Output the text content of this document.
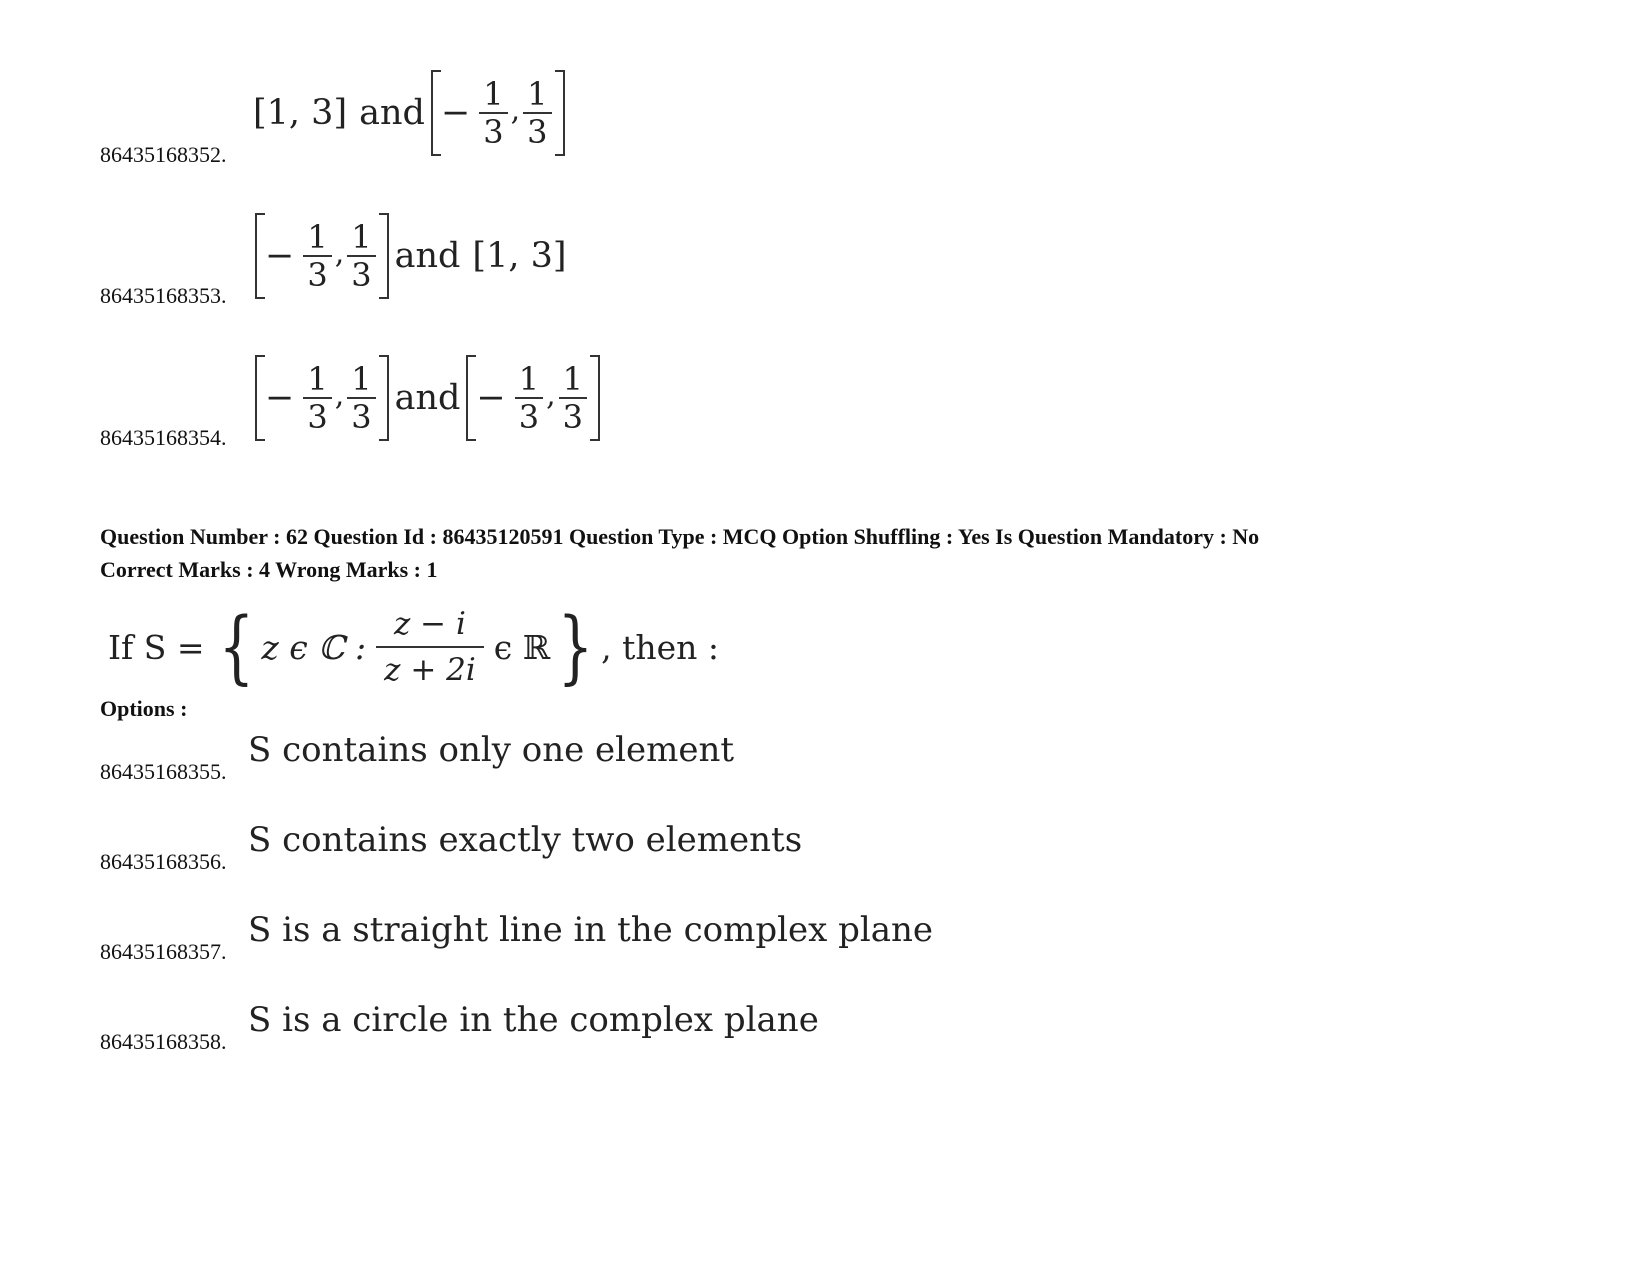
86435168352.
[1, 3] and − $\frac{1}{3}$ , $\frac{1}{3}$
86435168353.
− $\frac{1}{3}$ , $\frac{1}{3}$ and [1, 3]
86435168354.
− $\frac{1}{3}$ , $\frac{1}{3}$ and − $\frac{1}{3}$ , $\frac{1}{3}$
Question Number : 62 Question Id : 86435120591 Question Type : MCQ Option Shuffling : Yes Is Question Mandatory : No
Correct Marks : 4 Wrong Marks : 1
If S = { z ϵ ℂ : $\frac{z - i}{z + 2i}$ ϵ ℝ } , then :
Options :
86435168355.
S contains only one element
86435168356.
S contains exactly two elements
86435168357.
S is a straight line in the complex plane
86435168358.
S is a circle in the complex plane
